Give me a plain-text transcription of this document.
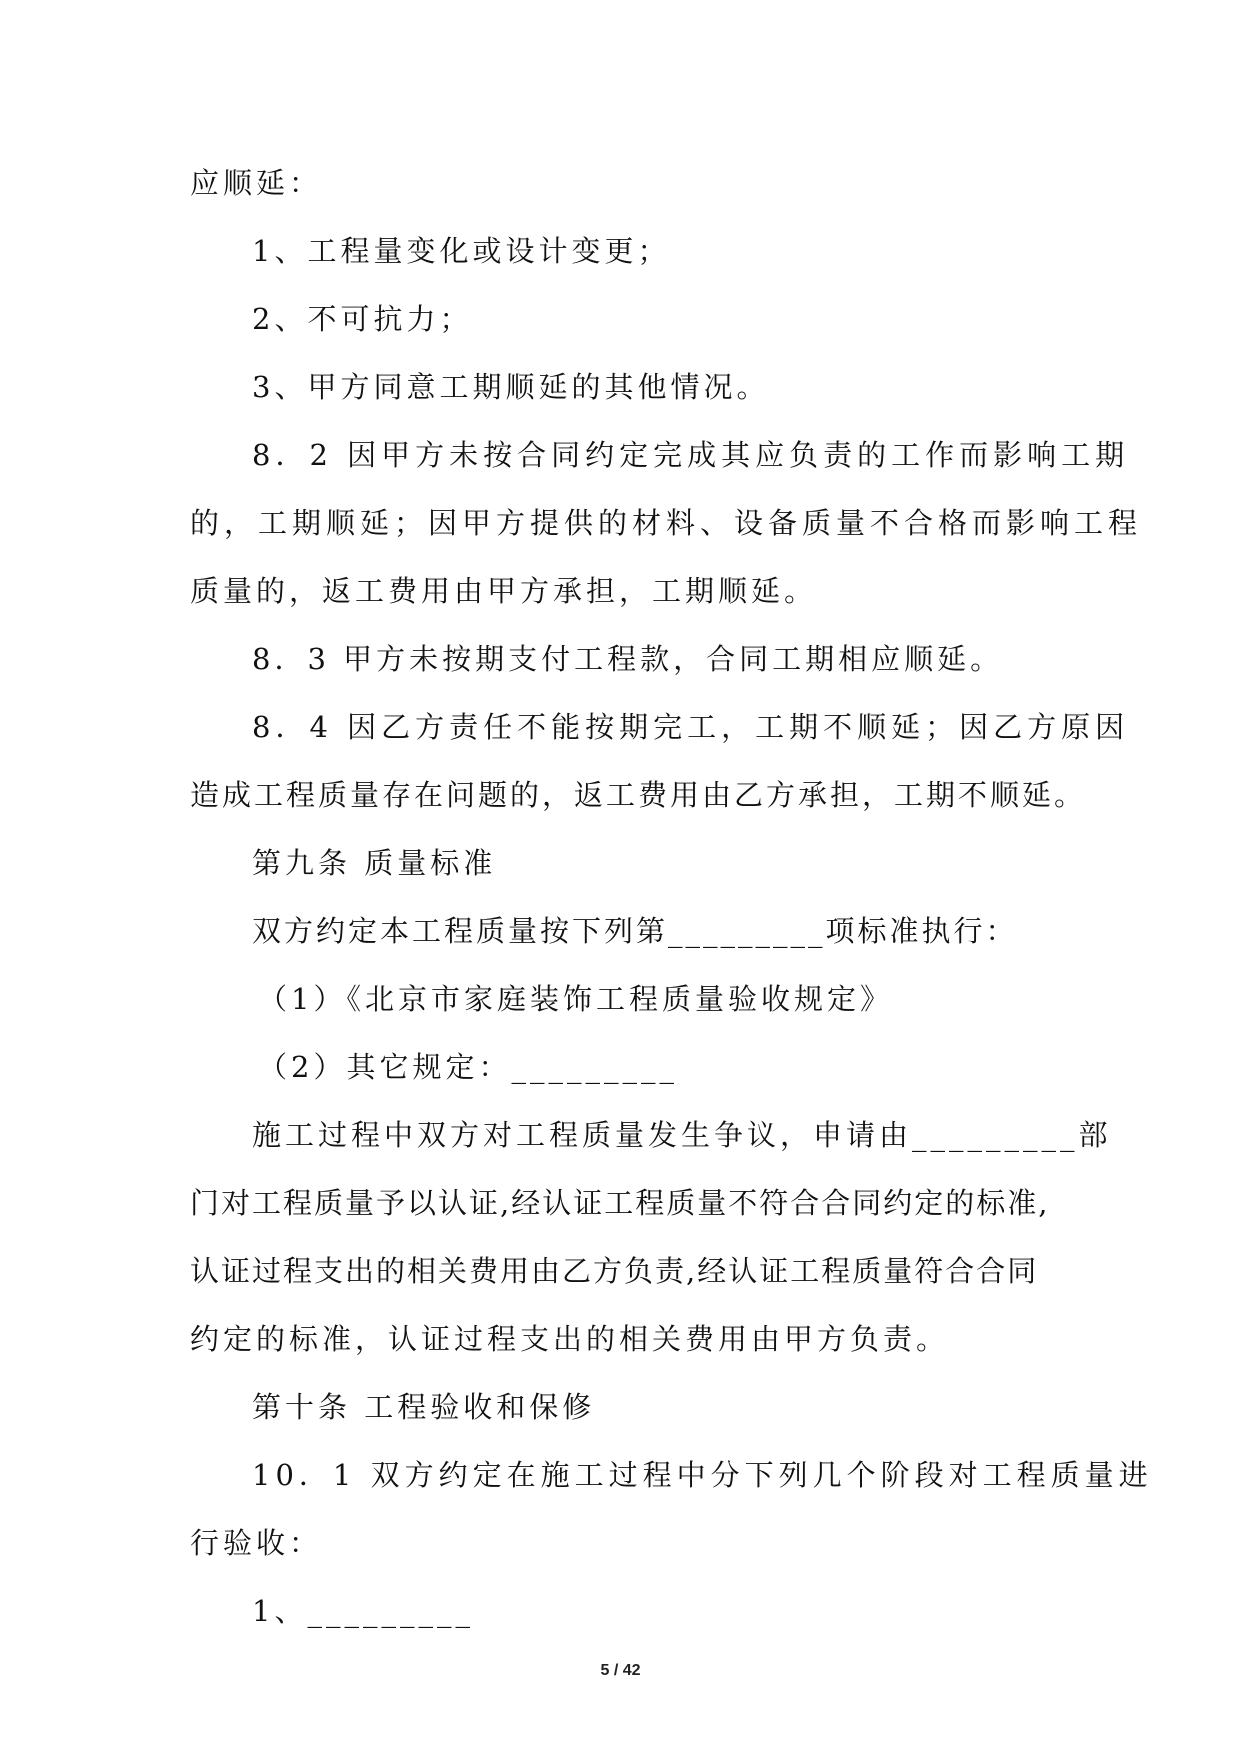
应顺延：
1、工程量变化或设计变更；
2、不可抗力；
3、甲方同意工期顺延的其他情况。
8．2 因甲方未按合同约定完成其应负责的工作而影响工期
的，工期顺延；因甲方提供的材料、设备质量不合格而影响工程
质量的，返工费用由甲方承担，工期顺延。
8．3 甲方未按期支付工程款，合同工期相应顺延。
8．4 因乙方责任不能按期完工，工期不顺延；因乙方原因
造成工程质量存在问题的，返工费用由乙方承担，工期不顺延。
第九条 质量标准
双方约定本工程质量按下列第_________项标准执行：
（1）《北京市家庭装饰工程质量验收规定》
（2）其它规定：_________
施工过程中双方对工程质量发生争议，申请由_________部
门对工程质量予以认证,经认证工程质量不符合合同约定的标准,
认证过程支出的相关费用由乙方负责,经认证工程质量符合合同
约定的标准，认证过程支出的相关费用由甲方负责。
第十条 工程验收和保修
10．1 双方约定在施工过程中分下列几个阶段对工程质量进
行验收：
1、_________
5 / 42
